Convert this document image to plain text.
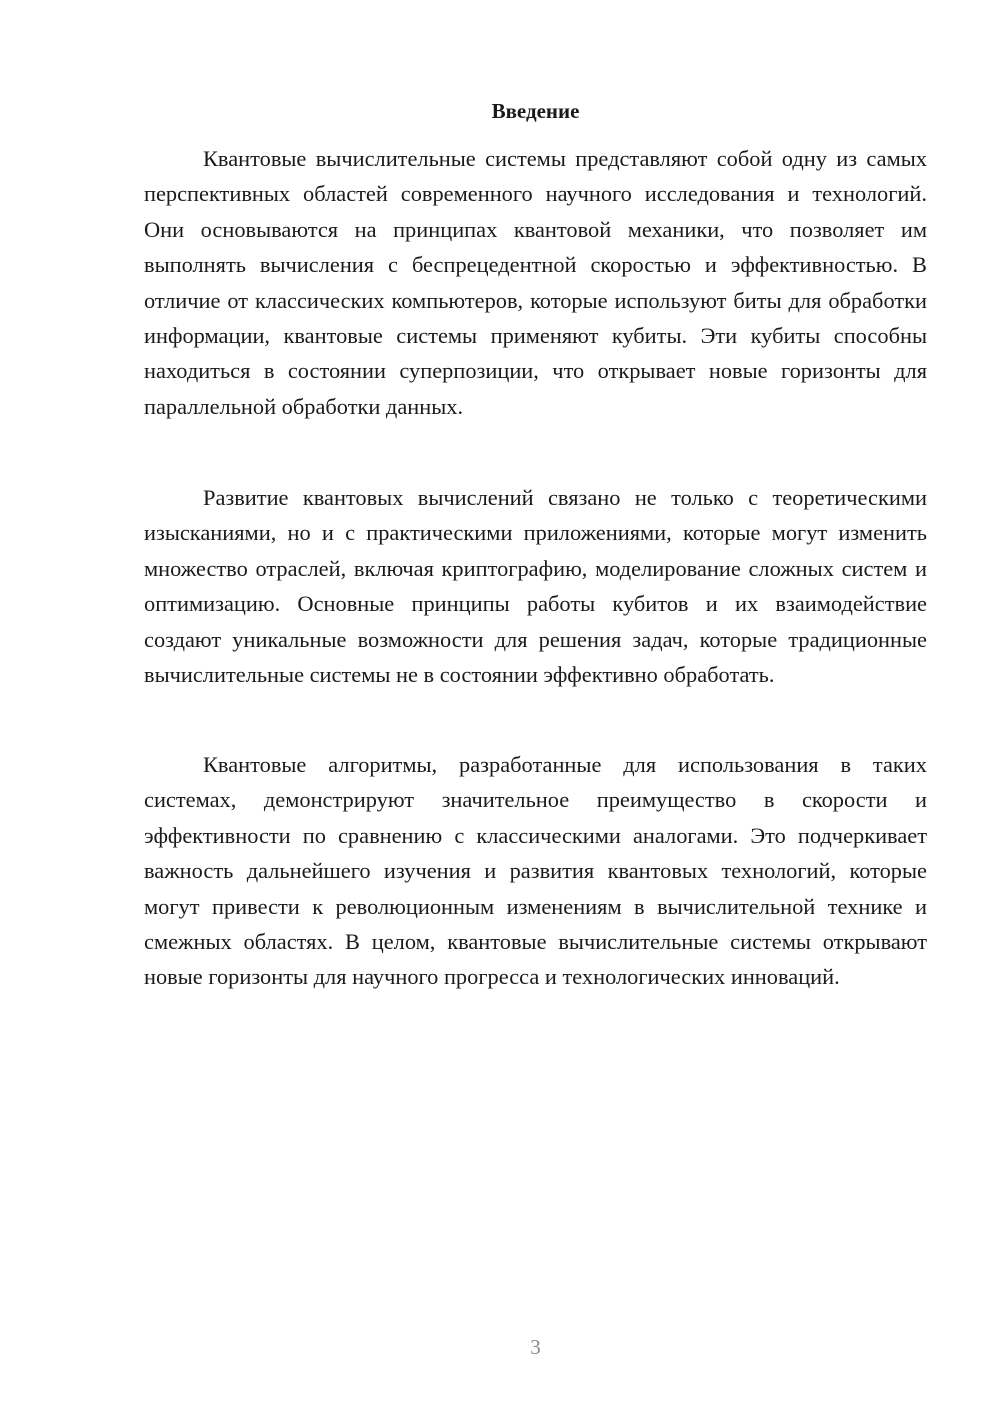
Введение

Квантовые вычислительные системы представляют собой одну из самых перспективных областей современного научного исследования и технологий. Они основываются на принципах квантовой механики, что позволяет им выполнять вычисления с беспрецедентной скоростью и эффективностью. В отличие от классических компьютеров, которые используют биты для обработки информации, квантовые системы применяют кубиты. Эти кубиты способны находиться в состоянии суперпозиции, что открывает новые горизонты для параллельной обработки данных.

Развитие квантовых вычислений связано не только с теоретическими изысканиями, но и с практическими приложениями, которые могут изменить множество отраслей, включая криптографию, моделирование сложных систем и оптимизацию. Основные принципы работы кубитов и их взаимодействие создают уникальные возможности для решения задач, которые традиционные вычислительные системы не в состоянии эффективно обработать.

Квантовые алгоритмы, разработанные для использования в таких системах, демонстрируют значительное преимущество в скорости и эффективности по сравнению с классическими аналогами. Это подчеркивает важность дальнейшего изучения и развития квантовых технологий, которые могут привести к революционным изменениям в вычислительной технике и смежных областях. В целом, квантовые вычислительные системы открывают новые горизонты для научного прогресса и технологических инноваций.

3
